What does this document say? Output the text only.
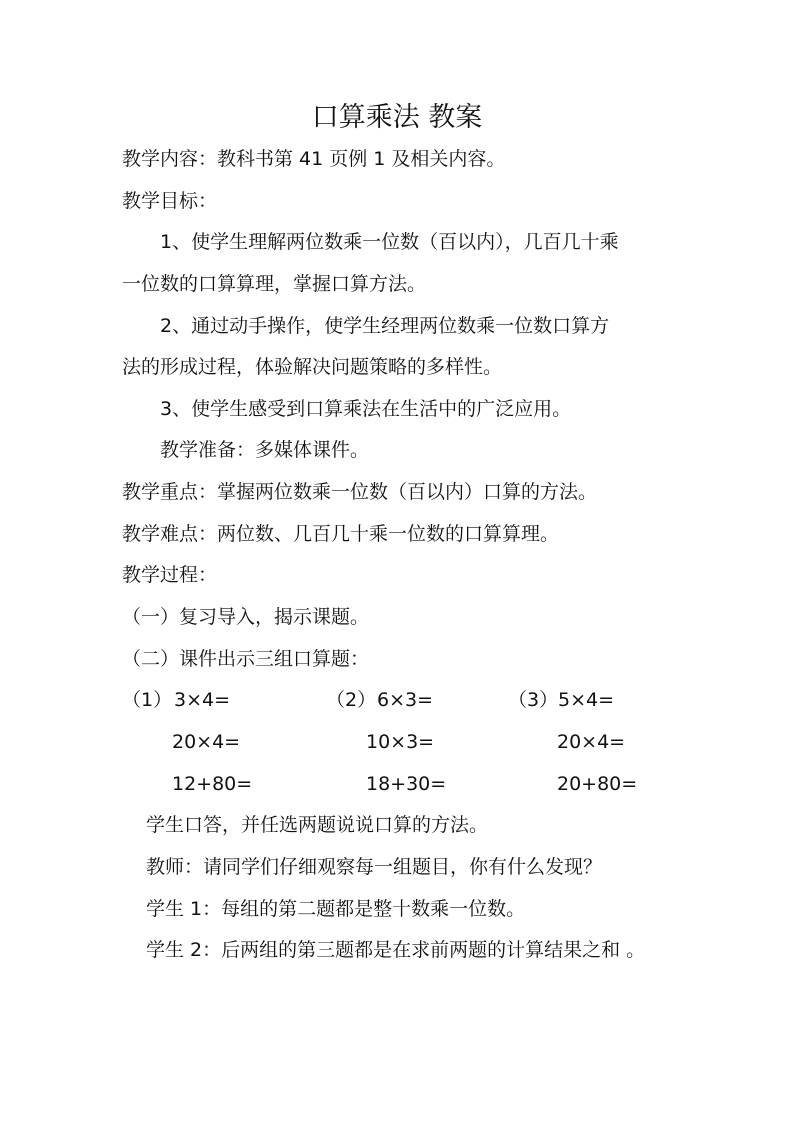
口算乘法 教案
教学内容：教科书第 41 页例 1 及相关内容。
教学目标：
1、使学生理解两位数乘一位数（百以内），几百几十乘
一位数的口算算理，掌握口算方法。
2、通过动手操作，使学生经理两位数乘一位数口算方
法的形成过程，体验解决问题策略的多样性。
3、使学生感受到口算乘法在生活中的广泛应用。
教学准备：多媒体课件。
教学重点：掌握两位数乘一位数（百以内）口算的方法。
教学难点：两位数、几百几十乘一位数的口算算理。
教学过程：
（一）复习导入，揭示课题。
（二）课件出示三组口算题：
（1） 3×4=
20×4=
12+80=
（2） 6×3=
10×3=
18+30=
（3） 5×4=
20×4=
20+80=
学生口答，并任选两题说说口算的方法。
教师：请同学们仔细观察每一组题目，你有什么发现？
学生 1：每组的第二题都是整十数乘一位数。
学生 2：后两组的第三题都是在求前两题的计算结果之和 。
